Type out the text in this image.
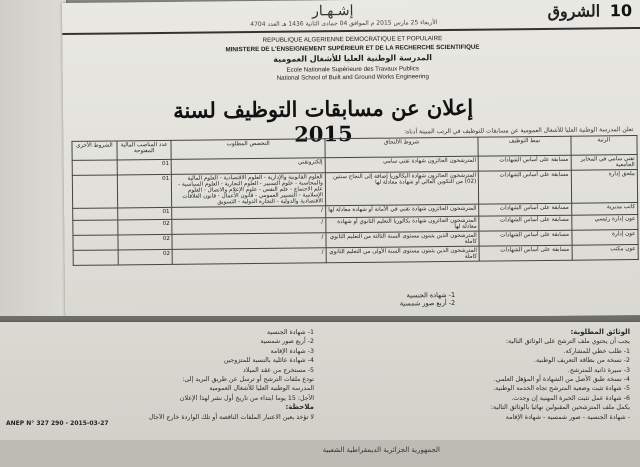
10
الشروق
إشـهـار
الأربعاء 25 مارس 2015 م الموافق 04 جمادى الثانية 1436 هـ العدد 4704
REPUBLIQUE ALGERIENNE DEMOCRATIQUE ET POPULAIRE
MINISTERE DE L'ENSEIGNEMENT SUPÉRIEUR ET DE LA RECHERCHE SCIENTIFIQUE
المدرسة الوطنية العليا للأشغال العمومية
Ecole Nationale Supérieure des Travaux Publics
National School of Built and Ground Works Engineering
إعلان عن مسابقات التوظيف لسنة 2015	تعلن المدرسة الوطنية العليا للأشغال العمومية عن مسابقات للتوظيف في الرتب المبينة أدناه:
الرتبة	نمط التوظيف	شروط الالتحاق	التخصص المطلوب	عدد المناصب المالية المفتوحة	الشروط الأخرى
تقني سامي في المخابر الجامعية	مسابقة على أساس الشهادات	المترشحون الحائزون شهادة تقني سامي	إلكتروتقني	01	
ملحق إدارة	مسابقة على أساس الشهادات	المترشحون الحائزون شهادة البكالوريا إضافة إلى النجاح سنتين (02) من التكوين العالي أو شهادة معادلة لها	العلوم القانونية والإدارية - العلوم الاقتصادية - العلوم المالية والمحاسبة - علوم التسيير - العلوم التجارية - العلوم السياسية - علم الاجتماع - علم النفس - علوم الإعلام والاتصال - العلوم الإسلامية - التسيير العمومي - قانون الأعمال - قانون العلاقات الاقتصادية والدولية - التجارة الدولية - التسويق	01	
كاتب مديرية	مسابقة على أساس الشهادات	المترشحون الحائزون شهادة تقني في الأمانة أو شهادة معادلة لها	/	01	
عون إدارة رئيسي	مسابقة على أساس الشهادات	المترشحون الحائزون شهادة بكالوريا التعليم الثانوي أو شهادة معادلة لها	/	02	
عون إدارة	مسابقة على أساس الشهادات	المترشحون الذين يثبتون مستوى السنة الثالثة من التعليم الثانوي كاملة	/	02	
عون مكتب	مسابقة على أساس الشهادات	المترشحون الذين يثبتون مستوى السنة الأولى من التعليم الثانوي كاملة	/	02	
1- شهادة الجنسية
2- أربع صور شمسية
الوثائق المطلوبة:
يجب أن يحتوي ملف الترشح على الوثائق التالية:
1- طلب خطي للمشاركة.
2- نسخة من بطاقة التعريف الوطنية.
3- سيرة ذاتية للمترشح.
4- نسخة طبق الأصل من الشهادة أو المؤهل العلمي.
5- شهادة تثبت وضعية المترشح تجاه الخدمة الوطنية.
6- شهادة عمل تثبت الخبرة المهنية إن وجدت.
يكمل ملف المترشحين المقبولين نهائيا بالوثائق التالية:
- شهادة الجنسية - صور شمسية - شهادة الإقامة
1- شهادة الجنسية
2- أربع صور شمسية
3- شهادة الإقامة
4- شهادة عائلية بالنسبة للمتزوجين
5- مستخرج من عقد الميلاد
تودع ملفات الترشح أو ترسل عن طريق البريد إلى:
المدرسة الوطنية العليا للأشغال العمومية
الأجل: 15 يوما ابتداء من تاريخ أول نشر لهذا الإعلان
ملاحظة:
لا تؤخذ بعين الاعتبار الملفات الناقصة أو تلك الواردة خارج الآجال
ANEP N° 327 290 - 2015-03-27
الجمهورية الجزائرية الديمقراطية الشعبية
